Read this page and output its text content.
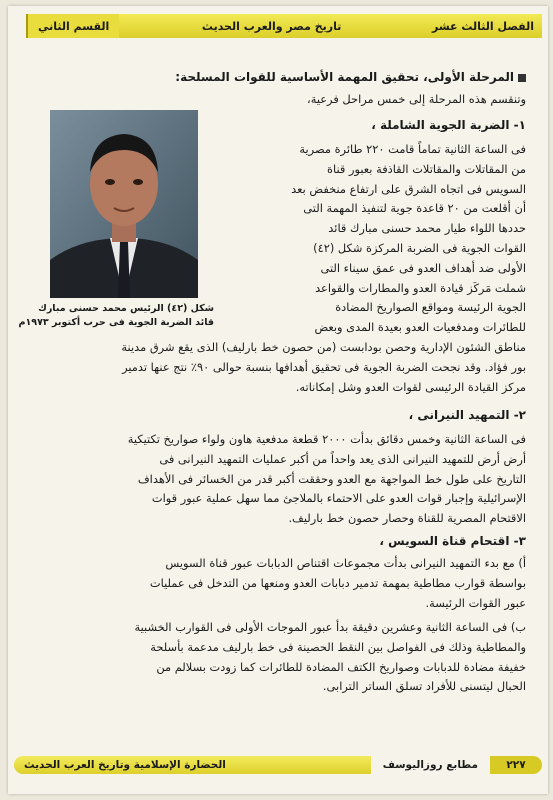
الفصل الثالث عشر
تاريخ مصر والعرب الحديث
القسم الثاني
المرحلة الأولى، تحقيق المهمة الأساسية للقوات المسلحة:
وتنقسم هذه المرحلة إلى خمس مراحل فرعية،
١- الضربة الجوية الشاملة ،
شكل (٤٢) الرئيس محمد حسنى مبارك
قائد الضربة الجوية فى حرب أكتوبر ١٩٧٣م
فى الساعة الثانية تماماً قامت ٢٢٠ طائرة مصرية
من المقاتلات والمقاتلات القاذفة بعبور قناة
السويس فى اتجاه الشرق على ارتفاع منخفض بعد
أن أقلعت من ٢٠ قاعدة جوية لتنفيذ المهمة التى
حددها اللواء طيار محمد حسنى مبارك قائد
القوات الجوية فى الضربة المركزة شكل (٤٢)
الأولى ضد أهداف العدو فى عمق سيناء التى
شملت مَركَز قيادة العدو والمطارات والقواعد
الجوية الرئيسة ومواقع الصواريخ المضادة
للطائرات ومدفعيات العدو بعيدة المدى وبعض
مناطق الشئون الإدارية وحصن بودابست (من حصون خط بارليف) الذى يقع شرق مدينة
بور فؤاد. وقد نجحت الضربة الجوية فى تحقيق أهدافها بنسبة حوالى ٩٠٪ نتج عنها تدمير
مركز القيادة الرئيسى لقوات العدو وشل إمكاناته.
٢- التمهيد النيرانى ،
فى الساعة الثانية وخمس دقائق بدأت ٢٠٠٠ قطعة مدفعية هاون ولواء صواريخ تكتيكية
أرض أرض للتمهيد النيرانى الذى يعد واحداً من أكبر عمليات التمهيد النيرانى فى
التاريخ على طول خط المواجهة مع العدو وحققت أكبر قدر من الخسائر فى الأهداف
الإسرائيلية وإجبار قوات العدو على الاحتماء بالملاجئ مما سهل عملية عبور قوات
الاقتحام المصرية للقناة وحصار حصون خط بارليف.
٣- اقتحام قناة السويس ،
أ) مع بدء التمهيد النيرانى بدأت مجموعات اقتناص الدبابات عبور قناة السويس
بواسطة قوارب مطاطية بمهمة تدمير دبابات العدو ومنعها من التدخل فى عمليات
عبور القوات الرئيسة.
ب) فى الساعة الثانية وعشرين دقيقة بدأ عبور الموجات الأولى فى القوارب الخشبية
والمطاطية وذلك فى الفواصل بين النقط الحصينة فى خط بارليف مدعمة بأسلحة
خفيفة مضادة للدبابات وصواريخ الكتف المضادة للطائرات كما زودت بسلالم من
الحبال ليتسنى للأفراد تسلق الساتر الترابى.
٢٢٧
مطابع روزاليوسف
الحضارة الإسلامية وتاريخ العرب الحديث
